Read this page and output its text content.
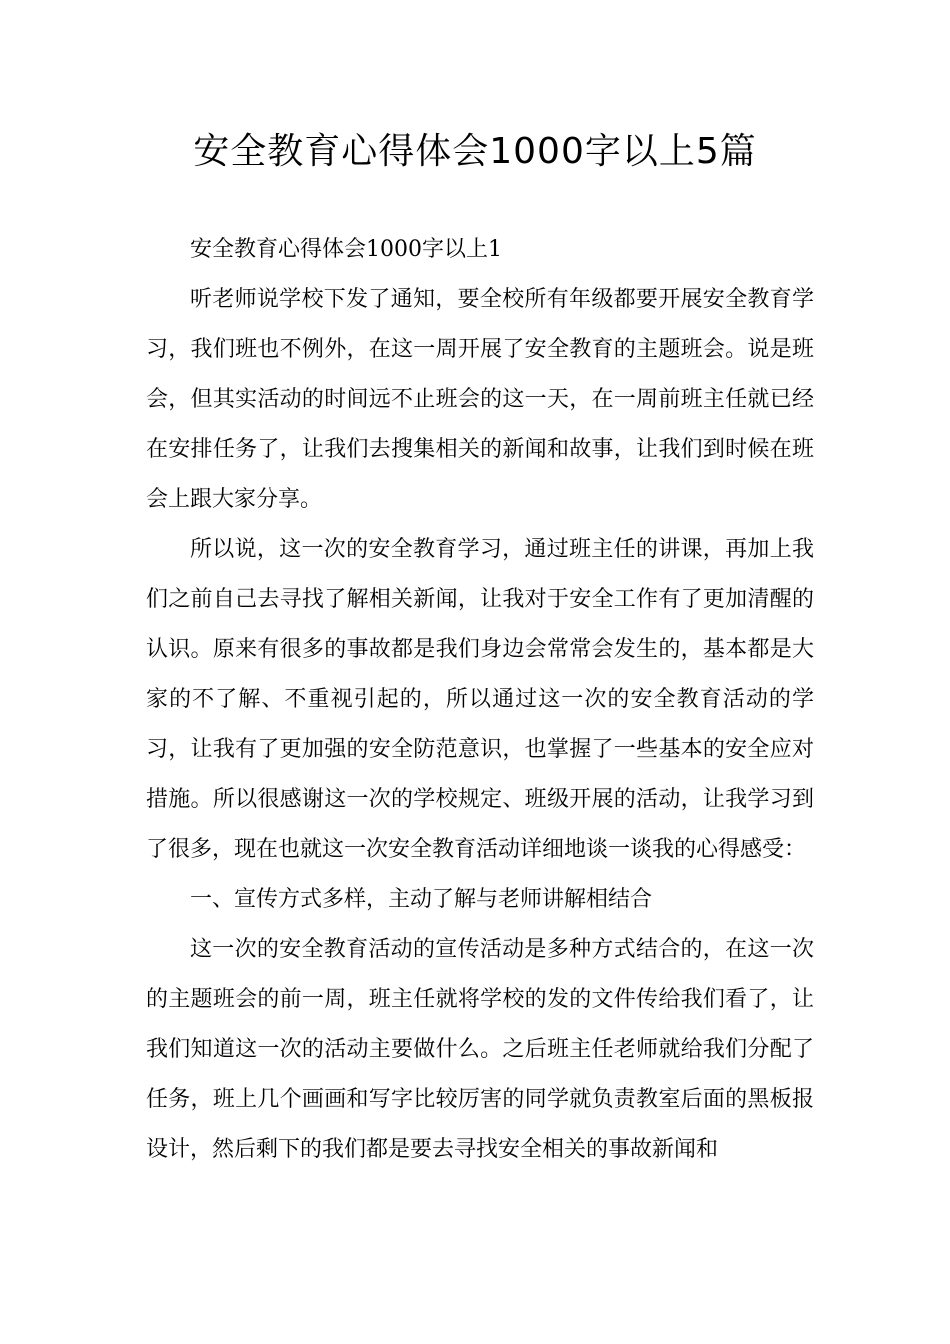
安全教育心得体会1000字以上5篇

安全教育心得体会1000字以上1

听老师说学校下发了通知，要全校所有年级都要开展安全教育学习，我们班也不例外，在这一周开展了安全教育的主题班会。说是班会，但其实活动的时间远不止班会的这一天，在一周前班主任就已经在安排任务了，让我们去搜集相关的新闻和故事，让我们到时候在班会上跟大家分享。

所以说，这一次的安全教育学习，通过班主任的讲课，再加上我们之前自己去寻找了解相关新闻，让我对于安全工作有了更加清醒的认识。原来有很多的事故都是我们身边会常常会发生的，基本都是大家的不了解、不重视引起的，所以通过这一次的安全教育活动的学习，让我有了更加强的安全防范意识，也掌握了一些基本的安全应对措施。所以很感谢这一次的学校规定、班级开展的活动，让我学习到了很多，现在也就这一次安全教育活动详细地谈一谈我的心得感受：

一、宣传方式多样，主动了解与老师讲解相结合

这一次的安全教育活动的宣传活动是多种方式结合的，在这一次的主题班会的前一周，班主任就将学校的发的文件传给我们看了，让我们知道这一次的活动主要做什么。之后班主任老师就给我们分配了任务，班上几个画画和写字比较厉害的同学就负责教室后面的黑板报设计，然后剩下的我们都是要去寻找安全相关的事故新闻和
